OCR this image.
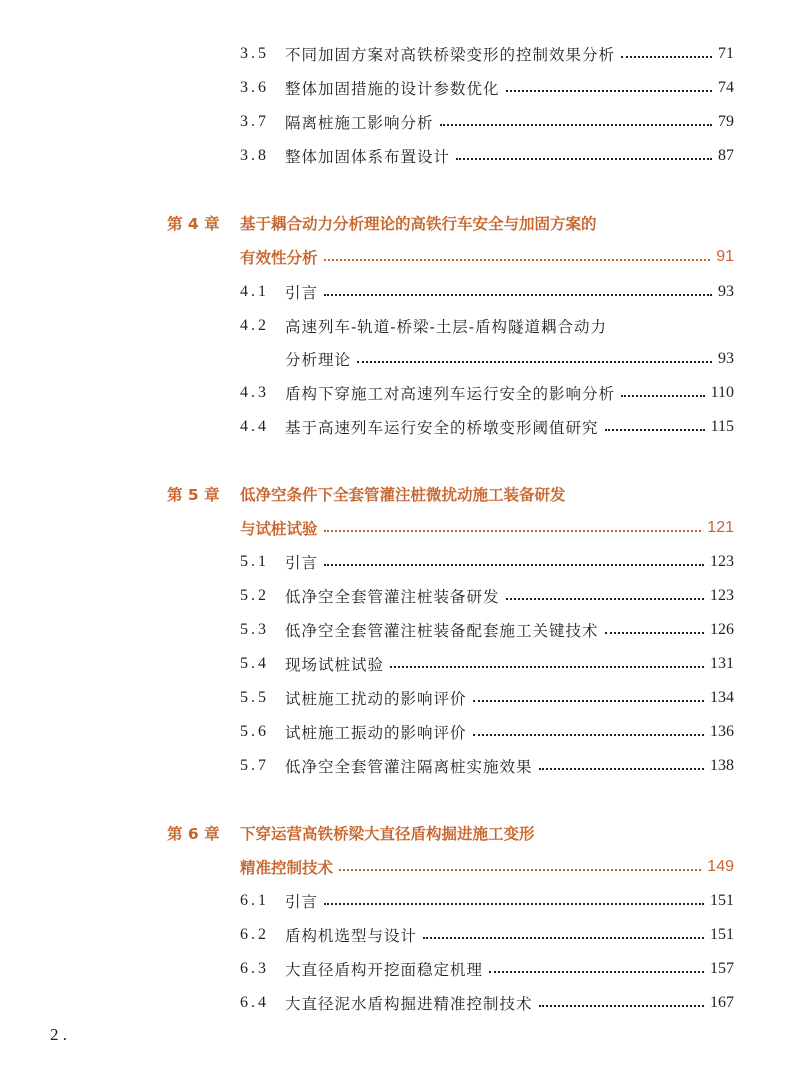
3.5	不同加固方案对高铁桥梁变形的控制效果分析	71
3.6	整体加固措施的设计参数优化	74
3.7	隔离桩施工影响分析	79
3.8	整体加固体系布置设计	87
第 4 章	基于耦合动力分析理论的高铁行车安全与加固方案的
有效性分析	91
4.1	引言	93
4.2	高速列车-轨道-桥梁-土层-盾构隧道耦合动力
分析理论	93
4.3	盾构下穿施工对高速列车运行安全的影响分析	110
4.4	基于高速列车运行安全的桥墩变形阈值研究	115
第 5 章	低净空条件下全套管灌注桩微扰动施工装备研发
与试桩试验	121
5.1	引言	123
5.2	低净空全套管灌注桩装备研发	123
5.3	低净空全套管灌注桩装备配套施工关键技术	126
5.4	现场试桩试验	131
5.5	试桩施工扰动的影响评价	134
5.6	试桩施工振动的影响评价	136
5.7	低净空全套管灌注隔离桩实施效果	138
第 6 章	下穿运营高铁桥梁大直径盾构掘进施工变形
精准控制技术	149
6.1	引言	151
6.2	盾构机选型与设计	151
6.3	大直径盾构开挖面稳定机理	157
6.4	大直径泥水盾构掘进精准控制技术	167
2 .
